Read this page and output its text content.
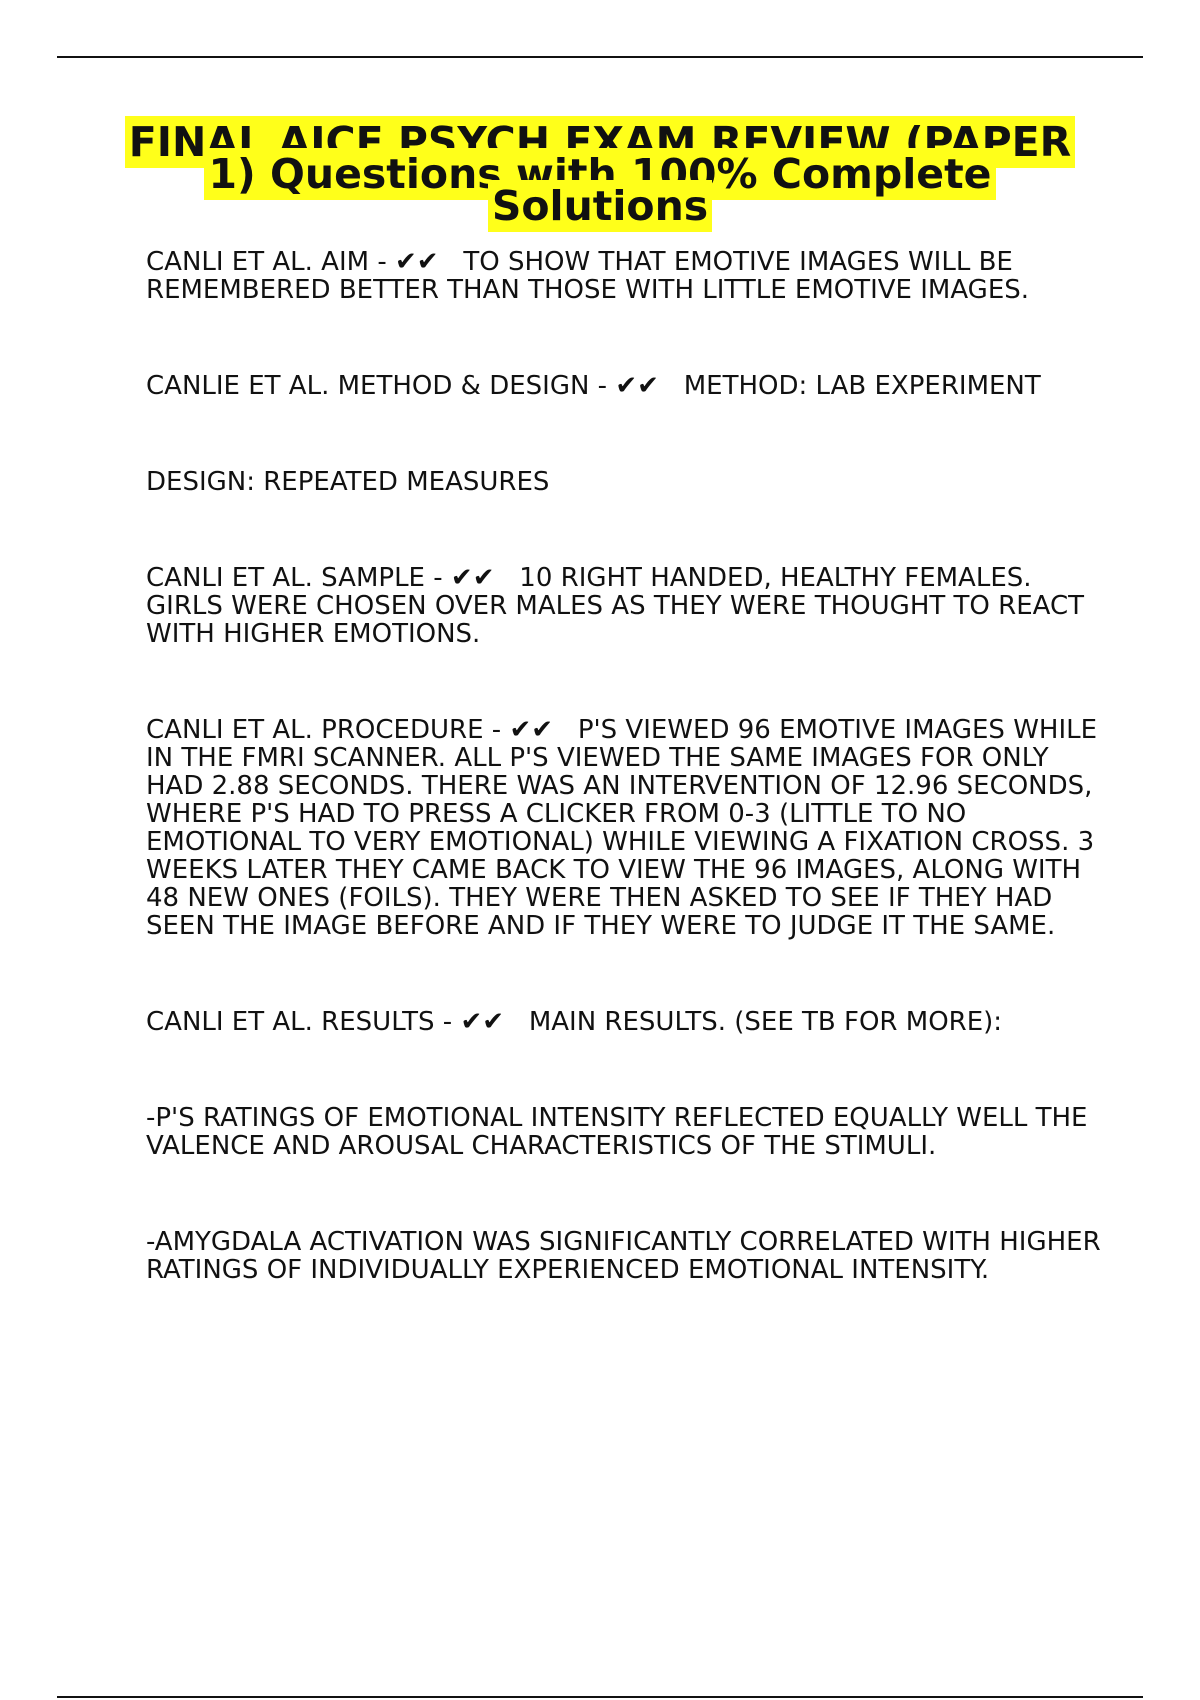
FINAL AICE PSYCH EXAM REVIEW (PAPER 1) Questions with 100% Complete Solutions

CANLI ET AL. AIM - ✔✔ TO SHOW THAT EMOTIVE IMAGES WILL BE REMEMBERED BETTER THAN THOSE WITH LITTLE EMOTIVE IMAGES.

CANLIE ET AL. METHOD & DESIGN - ✔✔ METHOD: LAB EXPERIMENT

DESIGN: REPEATED MEASURES

CANLI ET AL. SAMPLE - ✔✔ 10 RIGHT HANDED, HEALTHY FEMALES. GIRLS WERE CHOSEN OVER MALES AS THEY WERE THOUGHT TO REACT WITH HIGHER EMOTIONS.

CANLI ET AL. PROCEDURE - ✔✔ P'S VIEWED 96 EMOTIVE IMAGES WHILE IN THE FMRI SCANNER. ALL P'S VIEWED THE SAME IMAGES FOR ONLY HAD 2.88 SECONDS. THERE WAS AN INTERVENTION OF 12.96 SECONDS, WHERE P'S HAD TO PRESS A CLICKER FROM 0-3 (LITTLE TO NO EMOTIONAL TO VERY EMOTIONAL) WHILE VIEWING A FIXATION CROSS. 3 WEEKS LATER THEY CAME BACK TO VIEW THE 96 IMAGES, ALONG WITH 48 NEW ONES (FOILS). THEY WERE THEN ASKED TO SEE IF THEY HAD SEEN THE IMAGE BEFORE AND IF THEY WERE TO JUDGE IT THE SAME.

CANLI ET AL. RESULTS - ✔✔ MAIN RESULTS. (SEE TB FOR MORE):

-P'S RATINGS OF EMOTIONAL INTENSITY REFLECTED EQUALLY WELL THE VALENCE AND AROUSAL CHARACTERISTICS OF THE STIMULI.

-AMYGDALA ACTIVATION WAS SIGNIFICANTLY CORRELATED WITH HIGHER RATINGS OF INDIVIDUALLY EXPERIENCED EMOTIONAL INTENSITY.
